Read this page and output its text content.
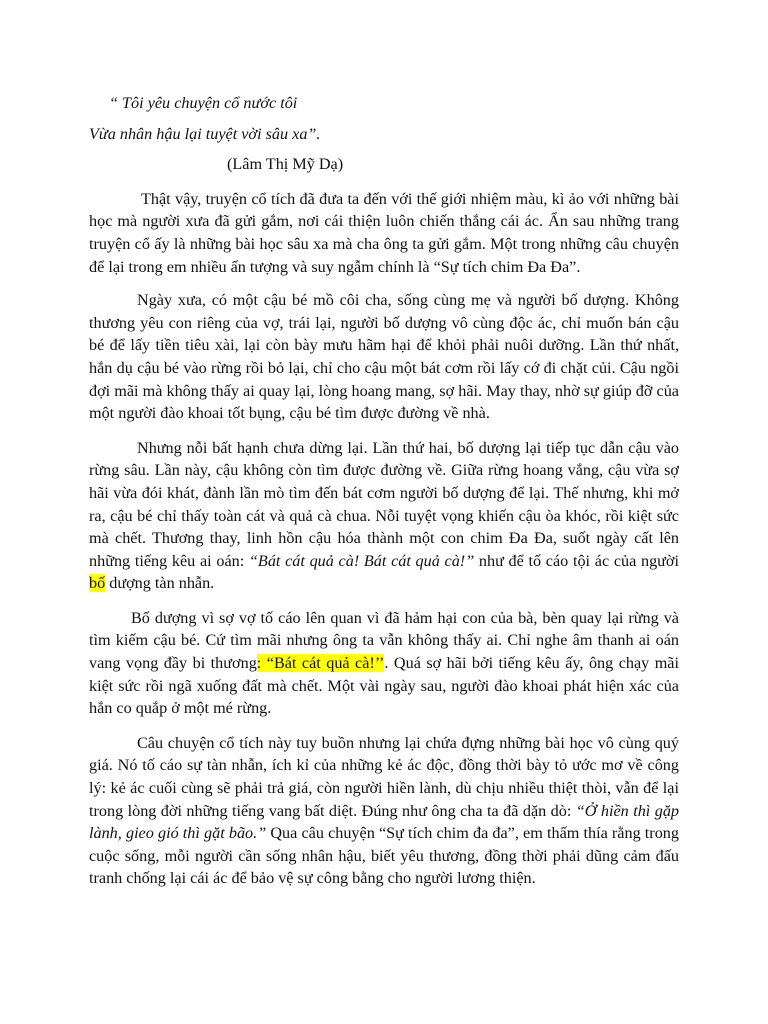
“ Tôi yêu chuyện cổ nước tôi
Vừa nhân hậu lại tuyệt vời sâu xa”.
(Lâm Thị Mỹ Dạ)

Thật vậy, truyện cổ tích đã đưa ta đến với thế giới nhiệm màu, kì ảo với những bài học mà người xưa đã gửi gắm, nơi cái thiện luôn chiến thắng cái ác. Ẩn sau những trang truyện cổ ấy là những bài học sâu xa mà cha ông ta gửi gắm. Một trong những câu chuyện để lại trong em nhiều ấn tượng và suy ngẫm chính là “Sự tích chim Đa Đa”.

Ngày xưa, có một cậu bé mồ côi cha, sống cùng mẹ và người bố dượng. Không thương yêu con riêng của vợ, trái lại, người bố dượng vô cùng độc ác, chỉ muốn bán cậu bé để lấy tiền tiêu xài, lại còn bày mưu hãm hại để khỏi phải nuôi dưỡng. Lần thứ nhất, hắn dụ cậu bé vào rừng rồi bỏ lại, chỉ cho cậu một bát cơm rồi lấy cớ đi chặt củi. Cậu ngồi đợi mãi mà không thấy ai quay lại, lòng hoang mang, sợ hãi. May thay, nhờ sự giúp đỡ của một người đào khoai tốt bụng, cậu bé tìm được đường về nhà.

Nhưng nỗi bất hạnh chưa dừng lại. Lần thứ hai, bố dượng lại tiếp tục dẫn cậu vào rừng sâu. Lần này, cậu không còn tìm được đường về. Giữa rừng hoang vắng, cậu vừa sợ hãi vừa đói khát, đành lần mò tìm đến bát cơm người bố dượng để lại. Thế nhưng, khi mở ra, cậu bé chỉ thấy toàn cát và quả cà chua. Nỗi tuyệt vọng khiến cậu òa khóc, rồi kiệt sức mà chết. Thương thay, linh hồn cậu hóa thành một con chim Đa Đa, suốt ngày cất lên những tiếng kêu ai oán: “Bát cát quả cà! Bát cát quả cà!” như để tố cáo tội ác của người bố dượng tàn nhẫn.

Bố dượng vì sợ vợ tố cáo lên quan vì đã hảm hại con của bà, bèn quay lại rừng và tìm kiếm cậu bé. Cứ tìm mãi nhưng ông ta vẫn không thấy ai. Chỉ nghe âm thanh ai oán vang vọng đầy bi thương: “Bát cát quả cà!’’. Quá sợ hãi bởi tiếng kêu ấy, ông chạy mãi kiệt sức rồi ngã xuống đất mà chết. Một vài ngày sau, người đào khoai phát hiện xác của hắn co quắp ở một mé rừng.

Câu chuyện cổ tích này tuy buồn nhưng lại chứa đựng những bài học vô cùng quý giá. Nó tố cáo sự tàn nhẫn, ích kỉ của những kẻ ác độc, đồng thời bày tỏ ước mơ về công lý: kẻ ác cuối cùng sẽ phải trả giá, còn người hiền lành, dù chịu nhiều thiệt thòi, vẫn để lại trong lòng đời những tiếng vang bất diệt. Đúng như ông cha ta đã dặn dò: “Ở hiền thì gặp lành, gieo gió thì gặt bão.” Qua câu chuyện “Sự tích chim đa đa”, em thấm thía rằng trong cuộc sống, mỗi người cần sống nhân hậu, biết yêu thương, đồng thời phải dũng cảm đấu tranh chống lại cái ác để bảo vệ sự công bằng cho người lương thiện.
